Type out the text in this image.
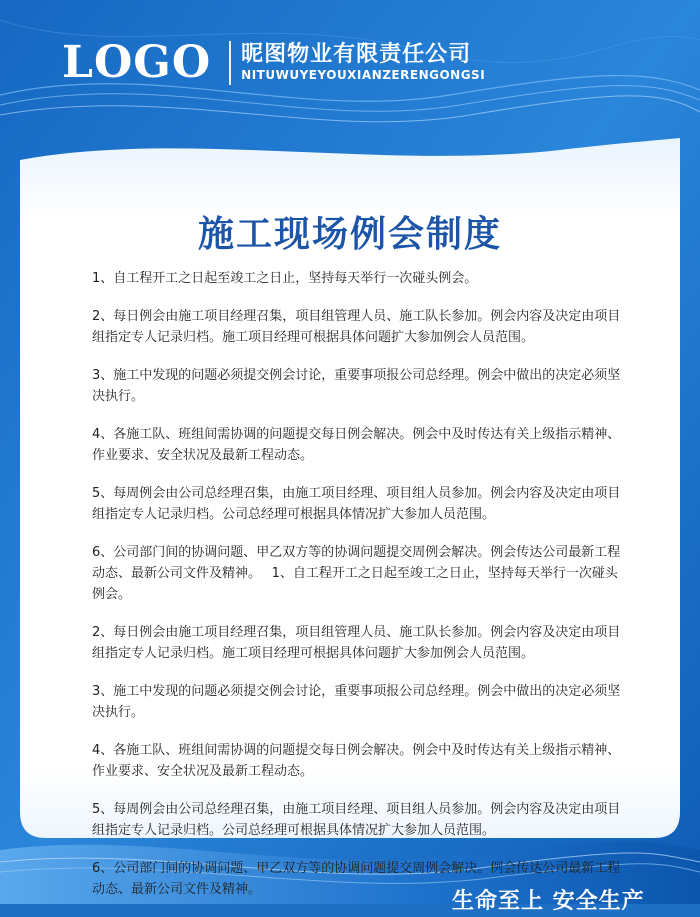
LOGO 昵图物业有限责任公司
NITUWUYEYOUXIANZERENGONGSI
施工现场例会制度

1、自工程开工之日起至竣工之日止，坚持每天举行一次碰头例会。

2、每日例会由施工项目经理召集，项目组管理人员、施工队长参加。例会内容及决定由项目组指定专人记录归档。施工项目经理可根据具体问题扩大参加例会人员范围。

3、施工中发现的问题必须提交例会讨论，重要事项报公司总经理。例会中做出的决定必须坚决执行。

4、各施工队、班组间需协调的问题提交每日例会解决。例会中及时传达有关上级指示精神、作业要求、安全状况及最新工程动态。

5、每周例会由公司总经理召集，由施工项目经理、项目组人员参加。例会内容及决定由项目组指定专人记录归档。公司总经理可根据具体情况扩大参加人员范围。

6、公司部门间的协调问题、甲乙双方等的协调问题提交周例会解决。例会传达公司最新工程动态、最新公司文件及精神。　 1、自工程开工之日起至竣工之日止，坚持每天举行一次碰头例会。

2、每日例会由施工项目经理召集，项目组管理人员、施工队长参加。例会内容及决定由项目组指定专人记录归档。施工项目经理可根据具体问题扩大参加例会人员范围。

3、施工中发现的问题必须提交例会讨论，重要事项报公司总经理。例会中做出的决定必须坚决执行。

4、各施工队、班组间需协调的问题提交每日例会解决。例会中及时传达有关上级指示精神、作业要求、安全状况及最新工程动态。

5、每周例会由公司总经理召集，由施工项目经理、项目组人员参加。例会内容及决定由项目组指定专人记录归档。公司总经理可根据具体情况扩大参加人员范围。

6、公司部门间的协调问题、甲乙双方等的协调问题提交周例会解决。例会传达公司最新工程动态、最新公司文件及精神。	生命至上 安全生产
